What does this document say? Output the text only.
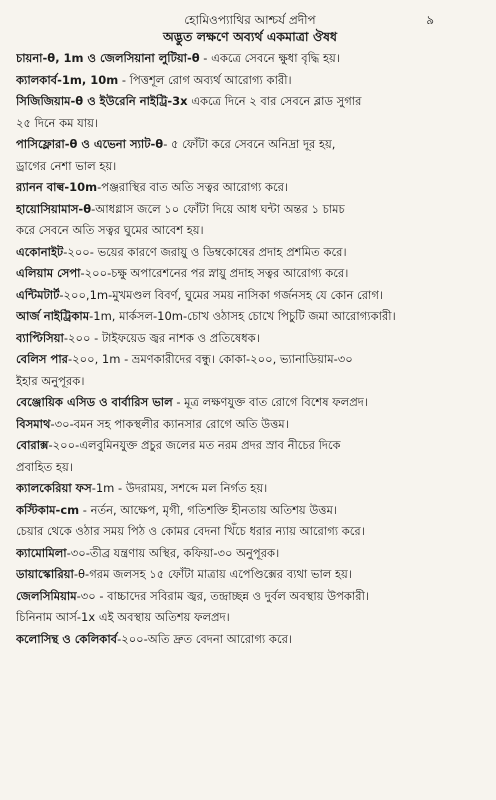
হোমিওপ্যাথির আশ্চর্য প্রদীপ	৯
অদ্ভুত লক্ষণে অব্যর্থ একমাত্রা ঔষধ
চায়না-θ, 1m ও জেলসিয়ানা লুটিয়া-θ - একত্রে সেবনে ক্ষুধা বৃদ্ধি হয়।
ক্যালকার্ব-1m, 10m - পিত্তশূল রোগ অব্যর্থ আরোগ্য কারী।
সিজিজিয়াম-θ ও ইউরেনি নাইট্রি-3x একত্রে দিনে ২ বার সেবনে ব্লাড সুগার
২৫ দিনে কম যায়।
পাসিফ্লোরা-θ ও এভেনা স্যাট-θ- ৫ ফোঁটা করে সেবনে অনিদ্রা দূর হয়,
ড্রাগের নেশা ভাল হয়।
র‍্যানন বাল্ব-10m-পঞ্জরাস্থির বাত অতি সত্বর আরোগ্য করে।
হায়োসিয়ামাস-θ-আধগ্লাস জলে ১০ ফোঁটা দিয়ে আধ ঘন্টা অন্তর ১ চামচ
করে সেবনে অতি সত্বর ঘুমের আবেশ হয়।
একোনাইট-২০০- ভয়ের কারণে জরায়ু ও ডিম্বকোষের প্রদাহ প্রশমিত করে।
এলিয়াম সেপা-২০০-চক্ষু অপারেশনের পর স্নায়ু প্রদাহ সত্বর আরোগ্য করে।
এন্টিমটার্ট-২০০,1m-মুখমণ্ডল বিবর্ণ, ঘুমের সময় নাসিকা গর্জনসহ যে কোন রোগ।
আর্জ নাইট্রিকাম-1m, মার্কসল-10m-চোখ ওঠাসহ চোখে পিচুটি জমা আরোগ্যকারী।
ব্যাপ্টিসিয়া-২০০ - টাইফয়েড জ্বর নাশক ও প্রতিষেধক।
বেলিস পার-২০০, 1m - ভ্রমণকারীদের বন্ধু। কোকা-২০০, ভ্যানাডিয়াম-৩০
ইহার অনুপূরক।
বেঞ্জোয়িক এসিড ও বার্বারিস ভাল - মূত্র লক্ষণযুক্ত বাত রোগে বিশেষ ফলপ্রদ।
বিসমাথ-৩০-বমন সহ পাকস্থলীর ক্যানসার রোগে অতি উত্তম।
বোরাক্স-২০০-এলবুমিনযুক্ত প্রচুর জলের মত নরম প্রদর স্রাব নীচের দিকে
প্রবাহিত হয়।
ক্যালকেরিয়া ফস-1m - উদরাময়, সশব্দে মল নির্গত হয়।
কস্টিকাম-cm - নর্তন, আক্ষেপ, মৃগী, গতিশক্তি হীনতায় অতিশয় উত্তম।
চেয়ার থেকে ওঠার সময় পিঠ ও কোমর বেদনা খিঁচে ধরার ন্যায় আরোগ্য করে।
ক্যামোমিলা-৩০-তীব্র যন্ত্রণায় অস্থির, কফিয়া-৩০ অনুপূরক।
ডায়াস্কোরিয়া-θ-গরম জলসহ ১৫ ফোঁটা মাত্রায় এপেণ্ডিক্সের ব্যথা ভাল হয়।
জেলসিমিয়াম-৩০ - বাচ্চাদের সবিরাম জ্বর, তন্দ্রাচ্ছন্ন ও দুর্বল অবস্থায় উপকারী।
চিনিনাম আর্স-1x এই অবস্থায় অতিশয় ফলপ্রদ।
কলোসিন্থ ও কেলিকার্ব-২০০-অতি দ্রুত বেদনা আরোগ্য করে।
